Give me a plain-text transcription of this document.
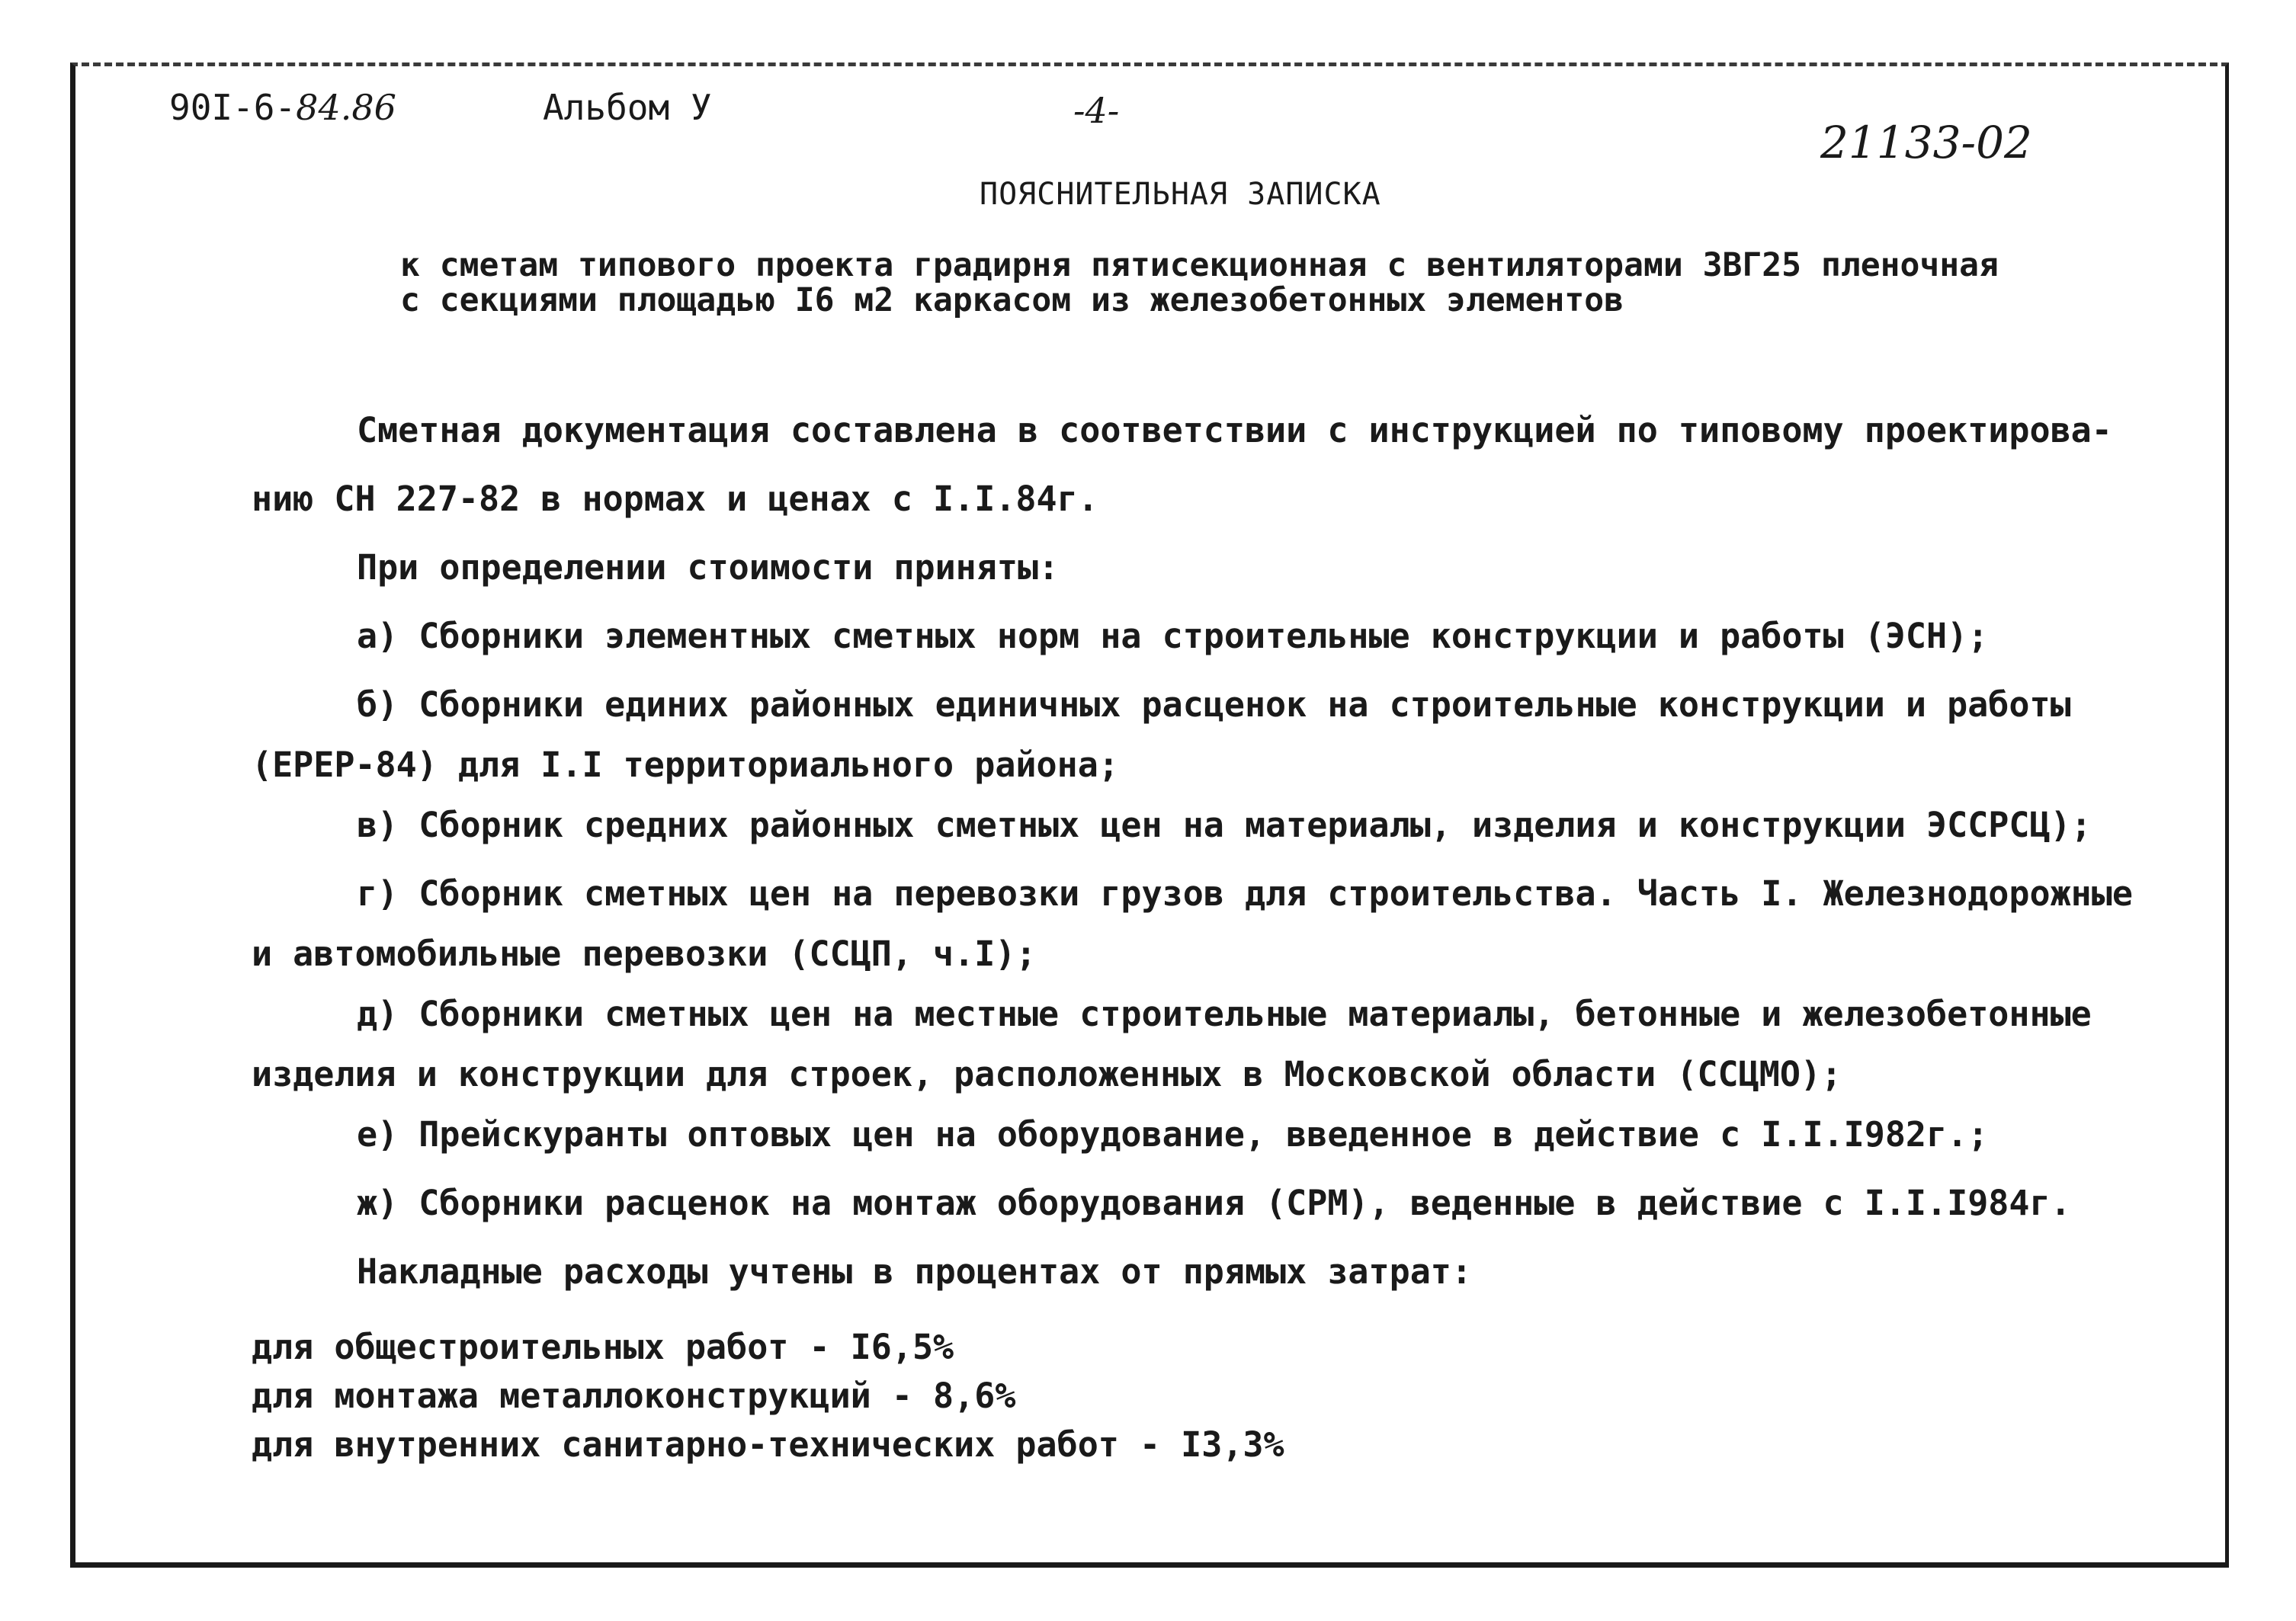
90I-6-84.86	Альбом У	-4-
21133-02
ПОЯСНИТЕЛЬНАЯ ЗАПИСКА
к сметам типового проекта градирня пятисекционная с вентиляторами ЗВГ25 пленочная
с секциями площадью I6 м2 каркасом из железобетонных элементов
Сметная документация составлена в соответствии с инструкцией по типовому проектирова-
нию СН 227-82 в нормах и ценах с I.I.84г.
При определении стоимости приняты:
а) Сборники элементных сметных норм на строительные конструкции и работы (ЭСН);
б) Сборники единих районных единичных расценок на строительные конструкции и работы
(ЕРЕР-84) для I.I территориального района;
в) Сборник средних районных сметных цен на материалы, изделия и конструкции ЭССРСЦ);
г) Сборник сметных цен на перевозки грузов для строительства. Часть I. Железнодорожные
и автомобильные перевозки (ССЦП, ч.I);
д) Сборники сметных цен на местные строительные материалы, бетонные и железобетонные
изделия и конструкции для строек, расположенных в Московской области (ССЦМО);
е) Прейскуранты оптовых цен на оборудование, введенное в действие с I.I.I982г.;
ж) Сборники расценок на монтаж оборудования (СРМ), веденные в действие с I.I.I984г.
Накладные расходы учтены в процентах от прямых затрат:
для общестроительных работ - I6,5%
для монтажа металлоконструкций - 8,6%
для внутренних санитарно-технических работ - I3,3%
